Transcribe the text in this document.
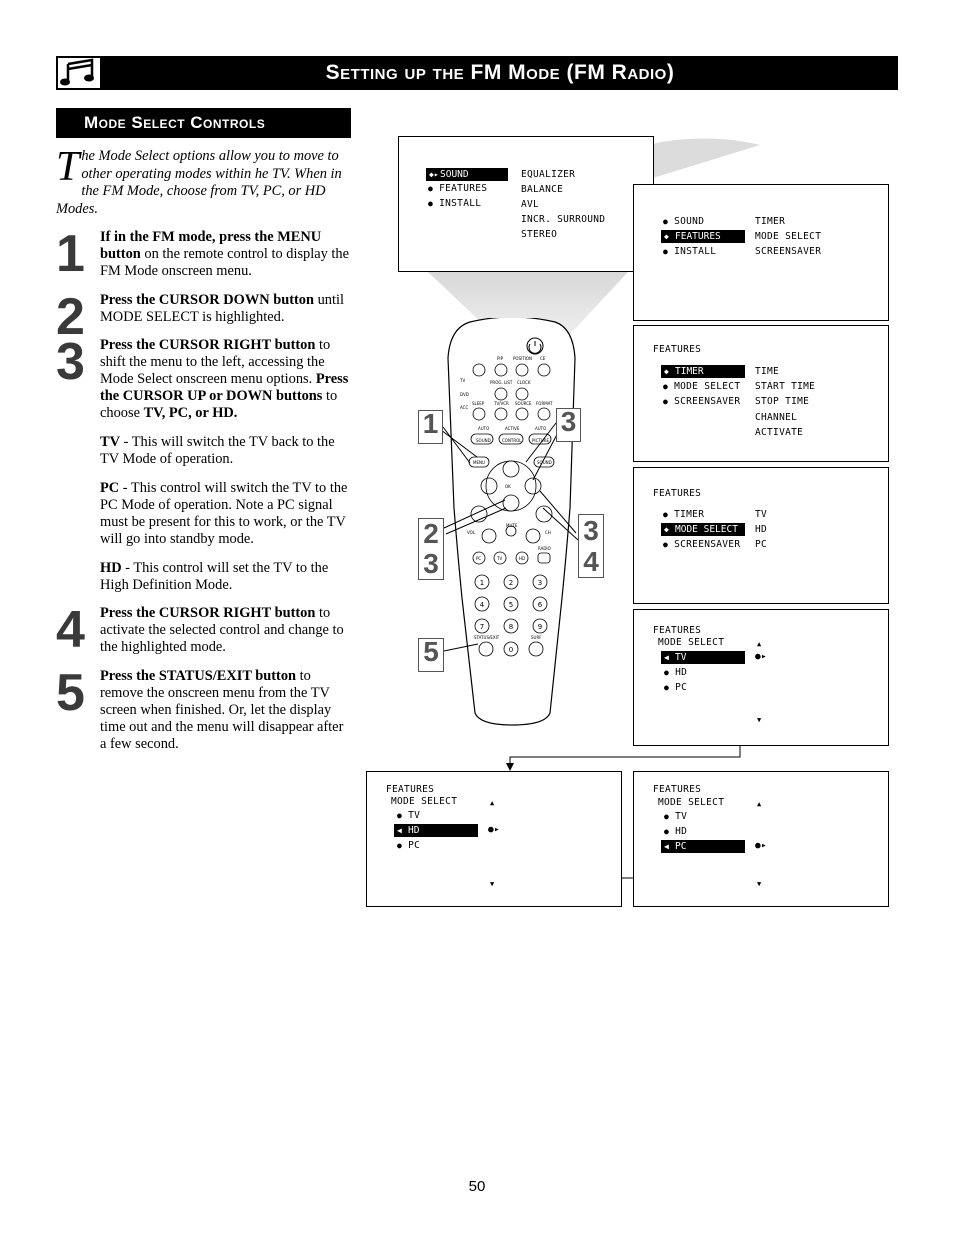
Setting up the FM Mode (FM Radio)
Mode Select Controls
The Mode Select options allow you to move to other operating modes within he TV. When in the FM Mode, choose from TV, PC, or HD Modes.
1 If in the FM mode, press the MENU button on the remote control to display the FM Mode onscreen menu.
2 Press the CURSOR DOWN button until MODE SELECT is highlighted.
3 Press the CURSOR RIGHT button to shift the menu to the left, accessing the Mode Select onscreen menu options. Press the CURSOR UP or DOWN buttons to choose TV, PC, or HD.
TV - This will switch the TV back to the TV Mode of operation.
PC - This control will switch the TV to the PC Mode of operation. Note a PC signal must be present for this to work, or the TV will go into standby mode.
HD - This control will set the TV to the High Definition Mode.
4 Press the CURSOR RIGHT button to activate the selected control and change to the highlighted mode.
5 Press the STATUS/EXIT button to remove the onscreen menu from the TV screen when finished. Or, let the display time out and the menu will disappear after a few second.
PIP POSITION CE
TV
DVD
ACC
PROG. LIST CLOCK
SLEEP TV/VCR SOURCE FORMAT
AUTO	ACTIVE	AUTO
SOUND	CONTROL	PICTURE
MENU	SOUND
OK
MUTE
VOL	CH
PC	TV	HD
RADIO
STATUS/EXIT	SURF
1	2	3
4	5	6
7	8	9
0
1	3
2
3
3
4
5
◆▸ SOUND
● FEATURES
● INSTALL
EQUALIZER
BALANCE
AVL
INCR. SURROUND
STEREO
● SOUND
◆ FEATURES
● INSTALL
TIMER
MODE SELECT
SCREENSAVER
FEATURES
◆ TIMER
● MODE SELECT
● SCREENSAVER
TIME
START TIME
STOP TIME
CHANNEL
ACTIVATE
FEATURES
● TIMER
◆ MODE SELECT
● SCREENSAVER
TV
HD
PC
FEATURES
MODE SELECT	▲
◀ TV	●▸
● HD
● PC
▼
FEATURES
MODE SELECT	▲
● TV
◀ HD	●▸
● PC
▼
FEATURES
MODE SELECT	▲
● TV
● HD
◀ PC	●▸
▼
50
